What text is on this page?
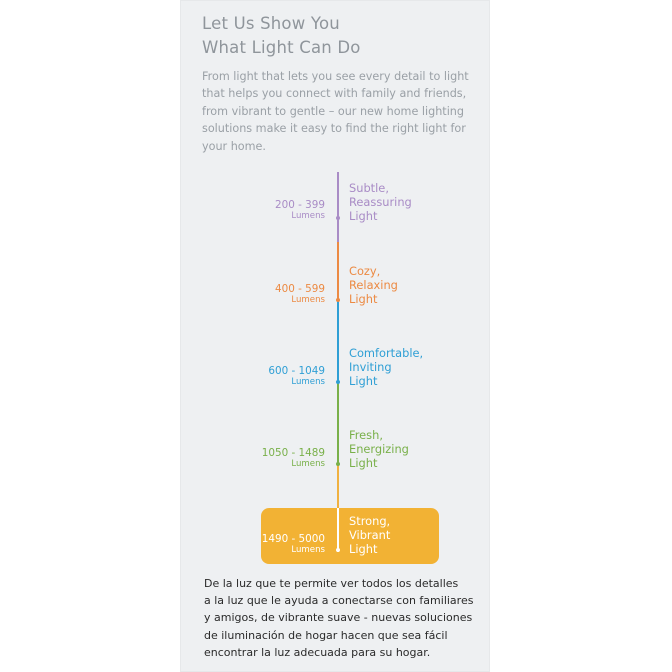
Let Us Show You
What Light Can Do
From light that lets you see every detail to light that helps you connect with family and friends, from vibrant to gentle – our new home lighting solutions make it easy to find the right light for your home.
200 - 399
Lumens
Subtle,
Reassuring
Light
400 - 599
Lumens
Cozy,
Relaxing
Light
600 - 1049
Lumens
Comfortable,
Inviting
Light
1050 - 1489
Lumens
Fresh,
Energizing
Light
1490 - 5000
Lumens
Strong,
Vibrant
Light
De la luz que te permite ver todos los detalles
a la luz que le ayuda a conectarse con familiares
y amigos, de vibrante suave - nuevas soluciones
de iluminación de hogar hacen que sea fácil
encontrar la luz adecuada para su hogar.
